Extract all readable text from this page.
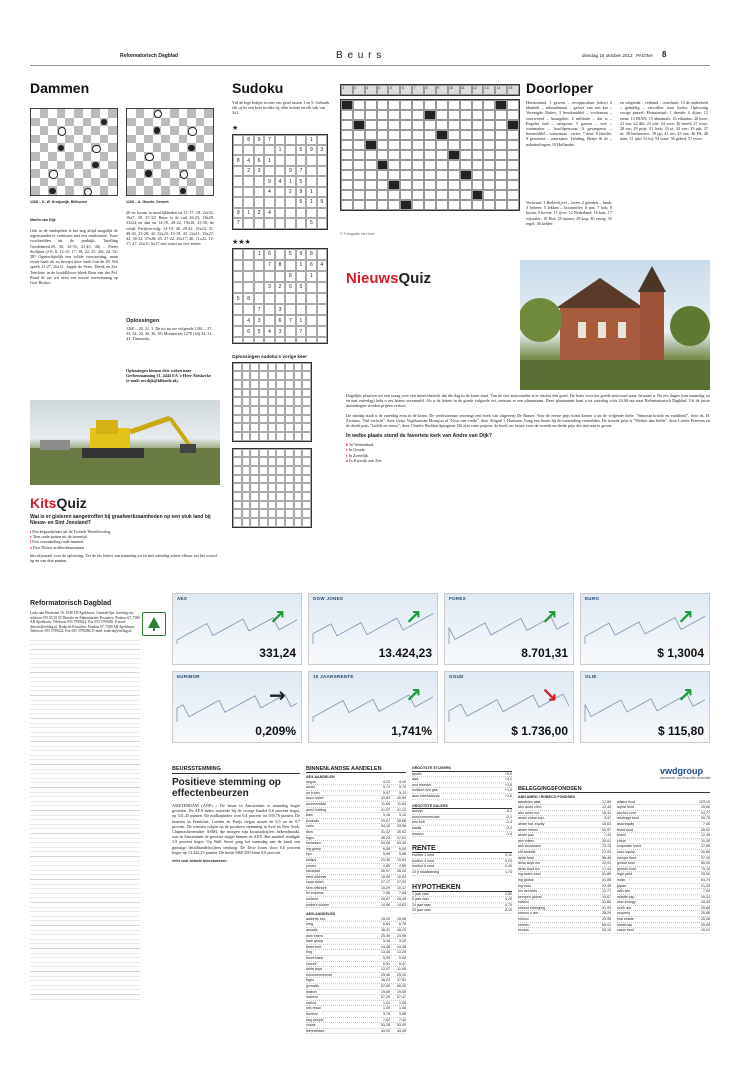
Reformatorisch Dagblad	B e u r s	dinsdag 16 oktober 2012 PAGINA 8
Dammen
1268 – K. W. Kruijswijk, Bilthoven	1269 – A. Geurts, Gemert
Martin van Dijk
Ook in de eindspelen is het nog altijd mogelijk de tegenstander te vernissen met een combinatie. Twee voorbeelden uit de praktijk. Tafelling Goedemeer(29, 30, 32-35, 41-45, 48) – Pieter Stolijten (2-6, 8, 13-15, 17, 18, 22, 25, 26), 24. 32-28? Ogenschijnlijk een solide voortzetting, maar zwart haalt uit en bewijst door vaak fout de 29. Wit speelt 21-27, 26x31. Japple de Vries. Derek en Zet. Tenslotte in de hoofdklasse bleek Rein van der Pol. Rond de zet wit eerst een mooie overwinning op Gert Bosker.
20 en kwam in moeilijkheden na 11-17; 18. 22x31, 16x7; 39. 37-32! Beter is de ruil 26-23, 18x29, 33x24 en dan na 14-19, 28-22, 19x30, 43-39, de schijf. Partijvervolg: 14-19; 40. 28-22, 19x23; 41. 49-44, 23-28; 42. 32x23, 13-19; 43. 22x11, 16x27; 44. 36-32, 37x28; 45. 27-22, 28x17; 46. 11x22, 12-17; 47. 22x11, 6x17 met winst na vier zetten.
Oplossingen
1260 – 20. 21. 3. De tot nu toe volgende 1261 – 27, 33, 34, 20, 30, 36, 38; Monsterzet 1270 (44) 32, 31, 41. Timoneda.
Oplossingen binnen drie weken naar Gerbenmanning 31, 4444 EA 's-Heer Abtskerke (e-mail: mvdijk@kliksnle.nl).
KitsQuiz
Wat is er gisteren aangetroffen bij graafwerkzaamheden op een stuk land bij Nieuw- en Sint Joosland?
i Een begraafplaats uit de Tweede Wereldoorlog.
r Tien oude potten uit de steentijd.
i Een verzameling oude munten.
e Drie Duitse artilleriekanonnen.
kits.nl/puzzel voor de oplossing. Zet de ids letters van maandag tot en met zaterdag achter elkaar, zet het woord op en van drie punten.
Sudoku
Vul de lege hokjes in met een getal tussen 1 en 9. Gebruik elk cijfer een keer in elke rij, elke kolom en elk vak van 3x3.
★
8	9	7	1
1	5	9	3
8	4	6	1
2	3	9	7
9	4	1	5
4	2	9	1
5	1	9
9	1	2	4
7	5
★★★
1	6	5	9	8
7	8	1	6	4
6	1
3	2	6	5
5	8
7	3
4	3	6	7	1
6	5	4	3	7
Oplossingen sudoku's vorige keer
1	2	3	4	5	6	7	8	9	10	11	12	13	14	15
© Fotografie via Holst
Doorloper
Horizontaal: 1 gewest – receptaculum (tekst) 2 identiek – inhoudsmaat – geloof van een kat – Verenigde Naties; 3 breukmiddel – vochtmaat – voorwoord – knaagdier; 4 militaire – dat is – Engelse titel – categorie; 5 garven – wee – waarmaker – hoofdpersoon; 6 gevangenis – haarmiddel – watermaat – rivier; 7 deur; 8 familie; 9 gesteente – zuurzame. Tienling, Bertje & de – nakomelingen; 10 Hollandse.
Verticaal: 1 Rederslijvel – leren; 2 geleden – bank; 3 beheer; 5 lekken – kroonoffer; 6 pas; 7 hek; 8 kroon; 9 boven; 11 ijver; 12 Nederland; 16 kast; 17 wijwater; 19 Hof; 25 tuinen; 29 kop; 30 vroeg; 35 regel; 36 kelder.
en volgende – verband – conclusie; 15 de ouderkerk – geduldig – vervallen: naar hydro; Oplossing vorige puzzel: Horizontaal: 1 deesde; 6 dijne; 12 etem; 13 IRAN; 15 abnamals; 16 ethanlas; 20 kroe; 21 eus; 22 dik; 23 ode; 24 vore; 26 breed; 27 sooy; 28 tax; 29 prijs; 31 loek; 33 tz; 34 wer; 35 ark; 37 ni; 38 barbarouw; 39 tgt; 41 toe; 43 eos; 46 FS; 48 dam; 51 ijdz; 53 bij; 54 waar; 56 gebed; 57 ewee.
NieuwsQuiz
Dagelijks plaatsen we een vraag over een nieuwsbericht dat die dag in de krant staat. Van de vier antwoorden is er slechts één goed. De letter voor het goede antwoord staat, bewaart u. Na zes dagen (van maandag tot en met zaterdag) hebt u zes letters verzameld. Als u de letters in de goede volgorde zet, ontstaat er een plaatsnaam. Deze plaatsnaam kunt u tot zaterdag vóór 24.00 uur naar Reformatorisch Dagblad. Uit de juiste inzendingen worden prijzen verloot.
De stindag stadt u de zaterdag erna in de krant. De weekwinnaar ontvangt een boek van uitgeverij De Banier. Voor de eerste prijs komt kiezen u uit de volgende titels: "Simonin kracht en zwakheid", door ds. H. Zwestra, "Stil verlicht", door Gerjo Vogelaarvan Monsjou of "Krus van vrede", door Abigail J. Hartman. Gaag een boom bij de toezending vermelden. De tweede prijs is "Werker dan liefde", door Lisette Petersen en de derde prijs "Liefde en trouw", door Charles Haddon Spurgeon. Dit zijn vaste prijzen, de hoeft uw keuze voor de tweede en derde prijs dus niet aan te geven.
In welke plaats stond de favoriete kerk van Andre van Dijk?
b In Veenendaal.
r In Gouda.
t In Zoetelijk.
a In Katwijk aan Zee.
Reformatorisch Dagblad
Luiks aan Westwind 10, 1048 LD Apeldoorn. Centrale lijn: levering via telefoon 055 55 55 55 Directie en Administratie Postadres: Postbus 67, 7300 AB Apeldoorn. Telefoon: 055 5799222, Fax 055 5799285. E-mail: directie@refdag.nl. Redactie Postadres: Postbus 67, 7300 AB Apeldoorn. Telefoon: 055 5799222, Fax 055 5799286. E-mail: redactie@refdag.nl.
↗
AEX
331,24
↗
DOW JONES
13.424,23
↗
FOREX
8.701,31
↗
EURO
$ 1,3004
→
EURIBOR
0,209%
↗
10 JAARSRENTE
1,741%
↘
GOUD
$ 1.736,00
↗
OLIE
$ 115,80
vwdgroup
leverancier van financiële informatie
BEURSSTEMMING
Positieve stemming op effectenbeurzen
AMSTERDAM (ANP) – De beurs in Amsterdam is maandag hoger gesloten. De AEX-index noteerde bij de vroege handel 0,6 procent hoger, op 331,45 punten. De midkapindex won 0,4 procent tot 539,76 punten. De beurzen in Frankfurt, Londen en Parijs stegen tussen de 0,5 en de 0,7 procent. De winsten volgen op de positieve stemming in Azië en New York. Chipmachinemaker ASML die morgen zijn kwartaalcijfers bekendmaakt, was in Amsterdam de grootste stijger binnen de AEX. Het aandeel eindigde 1,9 procent hoger. Op Wall Street ging het maandag aan de hand van gunstige detailhandelscijfers omhoog. De Dow Jones sloot 0,6 procent hoger op 13.424,23 punten. De brede S&P 500 klom 0,8 procent.
refnl voor actuele beurskoersen
BINNENLANDSE AANDELEN
AEX-AANDELEN
aegon	4,22	4,19
ahold	9,71	9,70
air fr.klm	5,07	5,11
akzo nobel	41,83	40,99
arcelormittal	11,69	11,63
asml holding	41,97	41,12
bam	3,18	3,10
boskalis	29,07	28,66
corio	34,10	33,96
dsm	41,32	40,92
fugro	48,23	47,81
heineken	54,08	53,32
ing groep	6,55	6,50
kpn	5,90	5,86
philips	20,30	19,83
postnl	2,85	2,85
randstad	26,97	26,24
reed elsevier	10,90	10,83
royal dutch	27,17	27,03
sbm offshore	10,29	10,17
tnt express	7,58	7,54
unilever	28,87	28,45
wolters kluwer	14,96	14,81
AMX-AANDELEN
aalberts ind.	15,39	15,08
amg	6,84	6,78
arcadis	16,41	16,23
asm intern.	25,49	24,95
bam groep	3,18	3,10
beter bed	14,28	14,38
bng	13,40	13,25
binck bank	5,93	5,94
crucell	6,51	6,47
delta lloyd	12,07	11,95
eurocommercial	29,46	29,10
fugro	48,23	47,81
gemalto	67,69	66,40
imtech	19,69	19,59
nutreco	57,29	57,47
ordina	1,01	1,00
sns reaal	1,09	1,08
tomtom	3,75	3,68
usg people	7,62	7,42
vopak	53,28	53,00
wereldhave	44,93	44,49
GROOTSTE STIJGERS
apollo	+9,0
ajax	+4,1
and elsevier	+2,0
holland mur gas	+1,9
asm international	+1,6
GROOTSTE DALERS
accsys	-9,2
eurocommerciale	-3,1
wm fruit	-2,4
kiadis	-2,2
ebusco	-1,8
RENTE
euribor 1 mnd	0,11
euribor 3 mnd	0,20
euribor 6 mnd	0,40
10 jr staatslening	1,74
HYPOTHEKEN
1 jaar vast	3,80
5 jaar vast	4,25
10 jaar vast	4,70
20 jaar vast	5,15
BELEGGINGSFONDSEN
ABN AMRO / ROBECO FONDSEN
aandelen asia	17,55
abn amro clim.	12,44
abn amro eur.	18,31
aeam china equ.	4,47
aeam ind. equity	15,63
aeam mixed	10,97
aeam pac.	7,44
asn milieu	30,01
asn duurzaam	73,75
chf ambitie	21,93
delta fund	56,46
delta lloyd eur	12,91
delta lloyd inv	17,44
ing dutch fund	61,85
ing global	41,06
ing euro	22,45
mn services	12,77
kempen global	15,67
robeco	31,66
robeco emerging	41,90
robeco n.am.	28,20
rolinco	23,95
rorento	60,02
triodos	25,10
allianz fund	123,10
alpha fund	19,60
anchor core	24,77
arbitrage fund	90,70
asia equity	7,40
bond fund	25,92
brazil	12,45
china	11,30
corporate bond	27,60
euro equity	30,80
europe fund	37,40
global fund	50,00
growth fund	75,10
high yield	25,00
india	64,74
japan	21,33
latin am.	7,02
middle cap	19,31
new energy	34,43
north am.	25,80
property	20,85
real estate	20,26
small cap	25,65
value fund	19,01
